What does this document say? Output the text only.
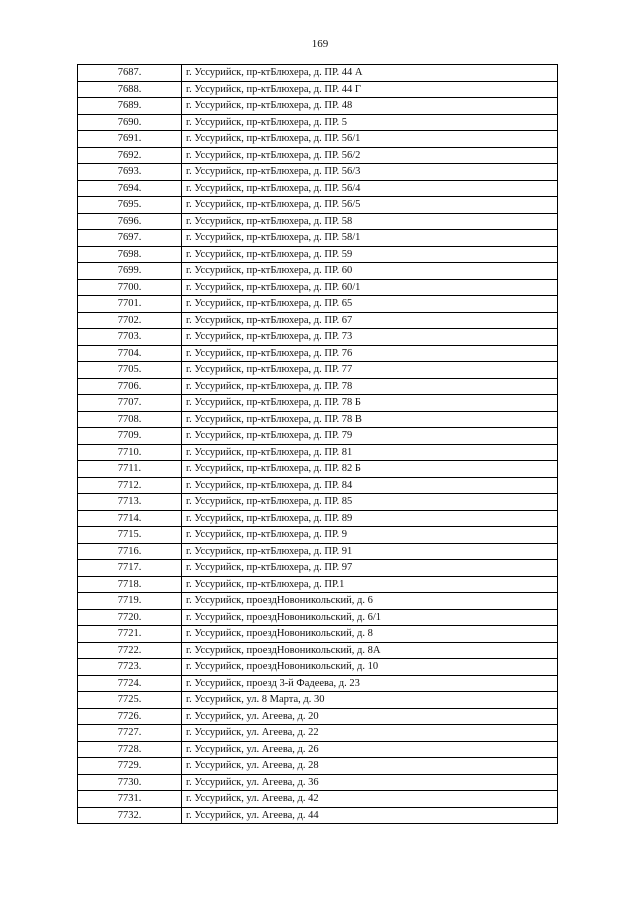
169
7687.	г. Уссурийск, пр-ктБлюхера, д. ПР. 44 А
7688.	г. Уссурийск, пр-ктБлюхера, д. ПР. 44 Г
7689.	г. Уссурийск, пр-ктБлюхера, д. ПР. 48
7690.	г. Уссурийск, пр-ктБлюхера, д. ПР. 5
7691.	г. Уссурийск, пр-ктБлюхера, д. ПР. 56/1
7692.	г. Уссурийск, пр-ктБлюхера, д. ПР. 56/2
7693.	г. Уссурийск, пр-ктБлюхера, д. ПР. 56/3
7694.	г. Уссурийск, пр-ктБлюхера, д. ПР. 56/4
7695.	г. Уссурийск, пр-ктБлюхера, д. ПР. 56/5
7696.	г. Уссурийск, пр-ктБлюхера, д. ПР. 58
7697.	г. Уссурийск, пр-ктБлюхера, д. ПР. 58/1
7698.	г. Уссурийск, пр-ктБлюхера, д. ПР. 59
7699.	г. Уссурийск, пр-ктБлюхера, д. ПР. 60
7700.	г. Уссурийск, пр-ктБлюхера, д. ПР. 60/1
7701.	г. Уссурийск, пр-ктБлюхера, д. ПР. 65
7702.	г. Уссурийск, пр-ктБлюхера, д. ПР. 67
7703.	г. Уссурийск, пр-ктБлюхера, д. ПР. 73
7704.	г. Уссурийск, пр-ктБлюхера, д. ПР. 76
7705.	г. Уссурийск, пр-ктБлюхера, д. ПР. 77
7706.	г. Уссурийск, пр-ктБлюхера, д. ПР. 78
7707.	г. Уссурийск, пр-ктБлюхера, д. ПР. 78 Б
7708.	г. Уссурийск, пр-ктБлюхера, д. ПР. 78 В
7709.	г. Уссурийск, пр-ктБлюхера, д. ПР. 79
7710.	г. Уссурийск, пр-ктБлюхера, д. ПР. 81
7711.	г. Уссурийск, пр-ктБлюхера, д. ПР. 82 Б
7712.	г. Уссурийск, пр-ктБлюхера, д. ПР. 84
7713.	г. Уссурийск, пр-ктБлюхера, д. ПР. 85
7714.	г. Уссурийск, пр-ктБлюхера, д. ПР. 89
7715.	г. Уссурийск, пр-ктБлюхера, д. ПР. 9
7716.	г. Уссурийск, пр-ктБлюхера, д. ПР. 91
7717.	г. Уссурийск, пр-ктБлюхера, д. ПР. 97
7718.	г. Уссурийск, пр-ктБлюхера, д. ПР.1
7719.	г. Уссурийск, проездНовоникольский, д. 6
7720.	г. Уссурийск, проездНовоникольский, д. 6/1
7721.	г. Уссурийск, проездНовоникольский, д. 8
7722.	г. Уссурийск, проездНовоникольский, д. 8А
7723.	г. Уссурийск, проездНовоникольский, д. 10
7724.	г. Уссурийск, проезд 3-й Фадеева, д. 23
7725.	г. Уссурийск, ул. 8 Марта, д. 30
7726.	г. Уссурийск, ул. Агеева, д. 20
7727.	г. Уссурийск, ул. Агеева, д. 22
7728.	г. Уссурийск, ул. Агеева, д. 26
7729.	г. Уссурийск, ул. Агеева, д. 28
7730.	г. Уссурийск, ул. Агеева, д. 36
7731.	г. Уссурийск, ул. Агеева, д. 42
7732.	г. Уссурийск, ул. Агеева, д. 44
